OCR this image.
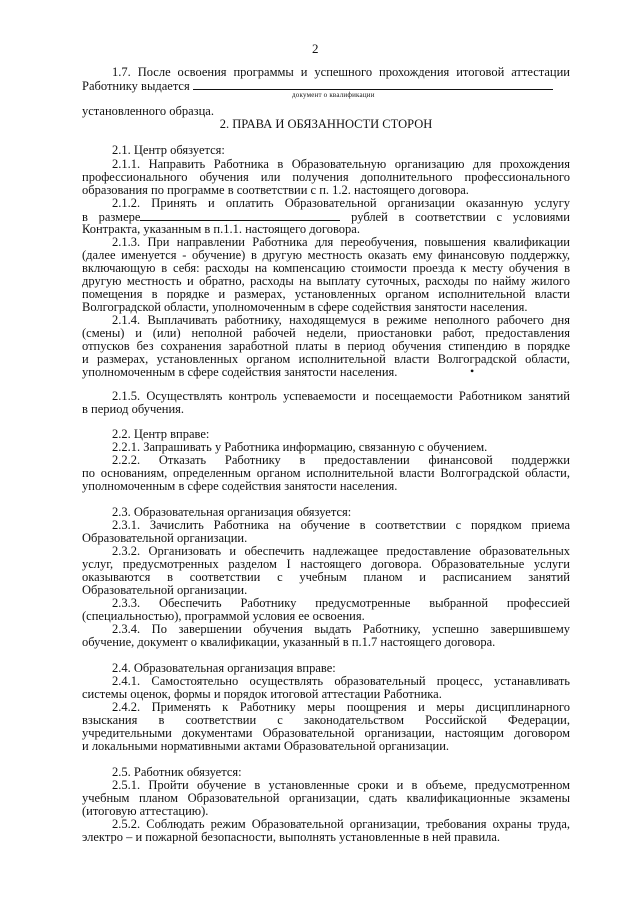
2
1.7. После освоения программы и успешного прохождения итоговой аттестации
Работнику выдается
документ о квалификации
установленного образца.
2. ПРАВА И ОБЯЗАННОСТИ СТОРОН
2.1. Центр обязуется:
2.1.1. Направить Работника в Образовательную организацию для прохождения
профессионального обучения или получения дополнительного профессионального
образования по программе в соответствии с п. 1.2. настоящего договора.
2.1.2. Принять и оплатить Образовательной организации оказанную услугу
в размере	рублей в соответствии с условиями
Контракта, указанным в п.1.1. настоящего договора.
2.1.3. При направлении Работника для переобучения, повышения квалификации
(далее именуется - обучение) в другую местность оказать ему финансовую поддержку,
включающую в себя: расходы на компенсацию стоимости проезда к месту обучения в
другую местность и обратно, расходы на выплату суточных, расходы по найму жилого
помещения в порядке и размерах, установленных органом исполнительной власти
Волгоградской области, уполномоченным в сфере содействия занятости населения.
2.1.4. Выплачивать работнику, находящемуся в режиме неполного рабочего дня
(смены) и (или) неполной рабочей недели, приостановки работ, предоставления
отпусков без сохранения заработной платы в период обучения стипендию в порядке
и размерах, установленных органом исполнительной власти Волгоградской области,
уполномоченным в сфере содействия занятости населения.	•
2.1.5. Осуществлять контроль успеваемости и посещаемости Работником занятий
в период обучения.
2.2. Центр вправе:
2.2.1. Запрашивать у Работника информацию, связанную с обучением.
2.2.2. Отказать Работнику в предоставлении финансовой поддержки
по основаниям, определенным органом исполнительной власти Волгоградской области,
уполномоченным в сфере содействия занятости населения.
2.3. Образовательная организация обязуется:
2.3.1. Зачислить Работника на обучение в соответствии с порядком приема
Образовательной организации.
2.3.2. Организовать и обеспечить надлежащее предоставление образовательных
услуг, предусмотренных разделом I настоящего договора. Образовательные услуги
оказываются в соответствии с учебным планом и расписанием занятий
Образовательной организации.
2.3.3. Обеспечить Работнику предусмотренные выбранной профессией
(специальностью), программой условия ее освоения.
2.3.4. По завершении обучения выдать Работнику, успешно завершившему
обучение, документ о квалификации, указанный в п.1.7 настоящего договора.
2.4. Образовательная организация вправе:
2.4.1. Самостоятельно осуществлять образовательный процесс, устанавливать
системы оценок, формы и порядок итоговой аттестации Работника.
2.4.2. Применять к Работнику меры поощрения и меры дисциплинарного
взыскания в соответствии с законодательством Российской Федерации,
учредительными документами Образовательной организации, настоящим договором
и локальными нормативными актами Образовательной организации.
2.5. Работник обязуется:
2.5.1. Пройти обучение в установленные сроки и в объеме, предусмотренном
учебным планом Образовательной организации, сдать квалификационные экзамены
(итоговую аттестацию).
2.5.2. Соблюдать режим Образовательной организации, требования охраны труда,
электро – и пожарной безопасности, выполнять установленные в ней правила.
